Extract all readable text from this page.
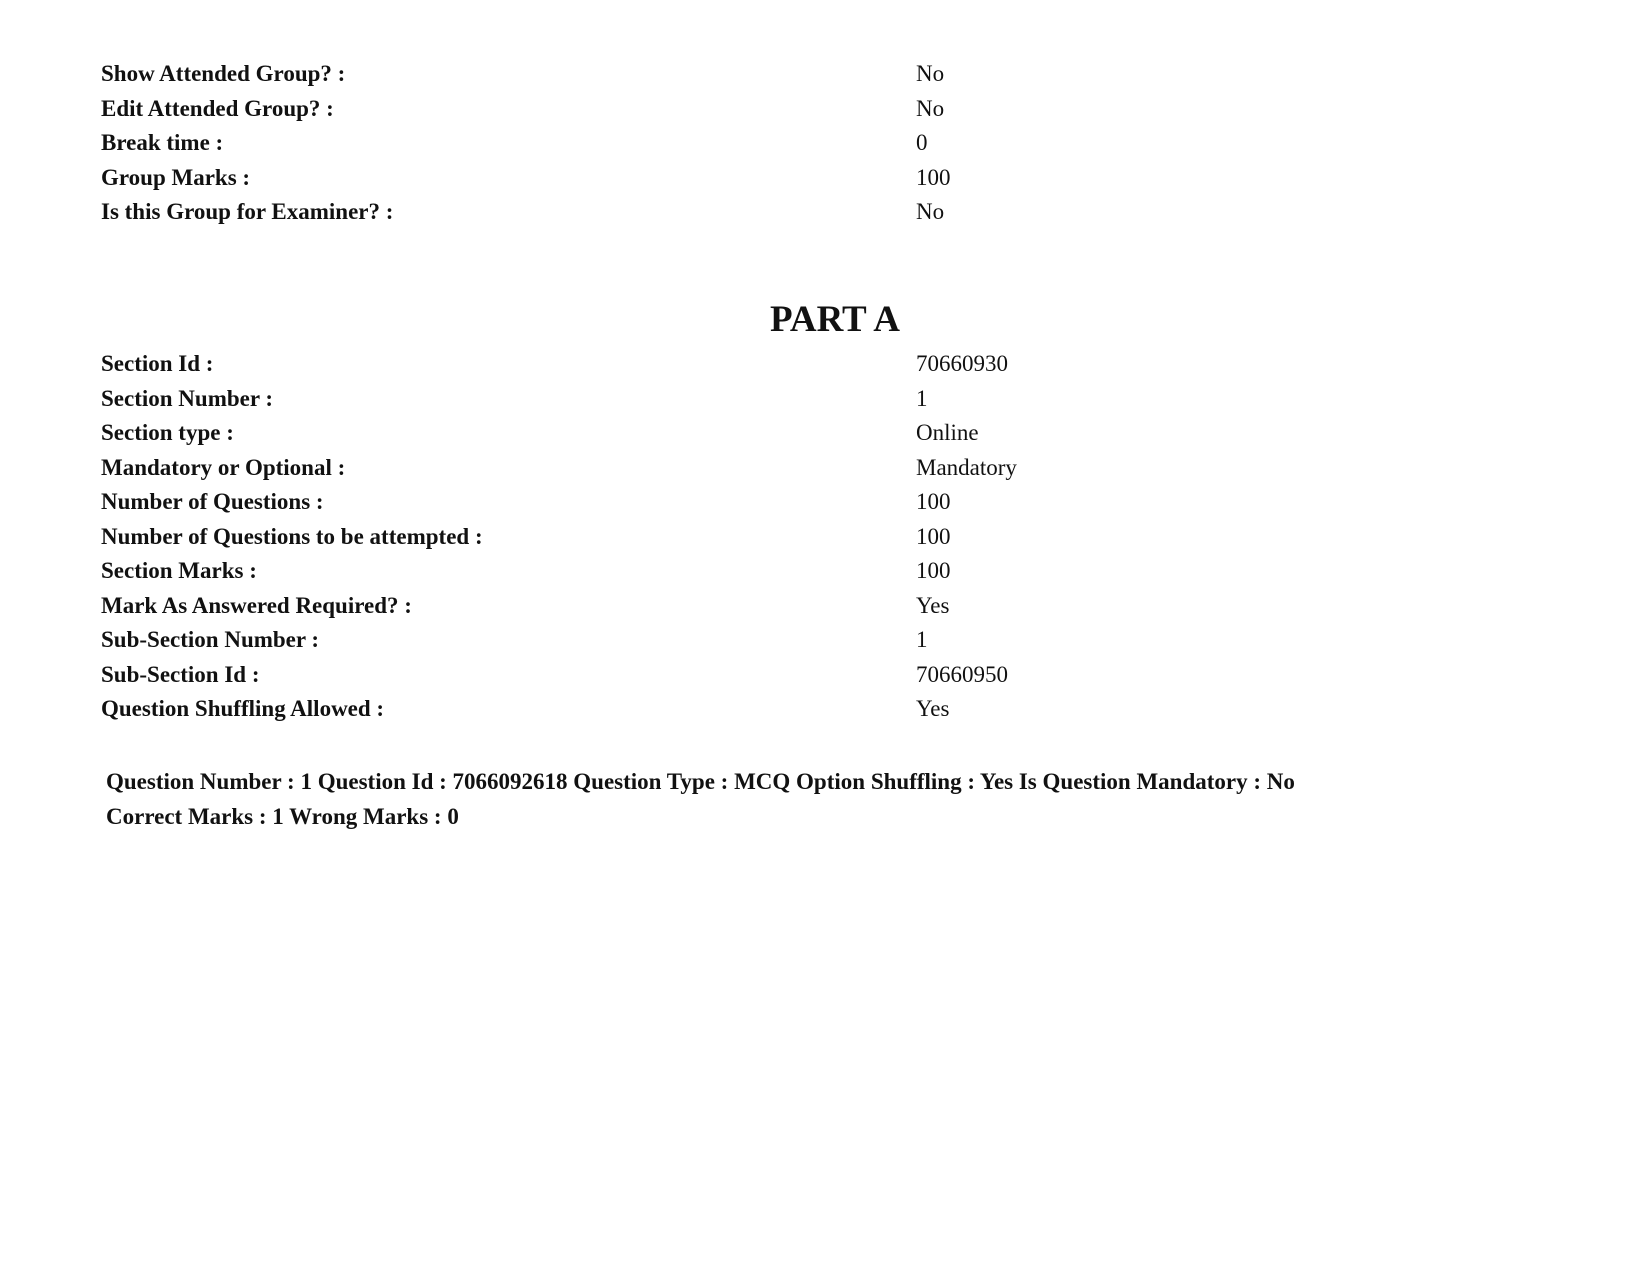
Show Attended Group? :	No
Edit Attended Group? :	No
Break time :	0
Group Marks :	100
Is this Group for Examiner? :	No
PART A
Section Id :	70660930
Section Number :	1
Section type :	Online
Mandatory or Optional :	Mandatory
Number of Questions :	100
Number of Questions to be attempted :	100
Section Marks :	100
Mark As Answered Required? :	Yes
Sub-Section Number :	1
Sub-Section Id :	70660950
Question Shuffling Allowed :	Yes
Question Number : 1 Question Id : 7066092618 Question Type : MCQ Option Shuffling : Yes Is Question Mandatory : No
Correct Marks : 1 Wrong Marks : 0
